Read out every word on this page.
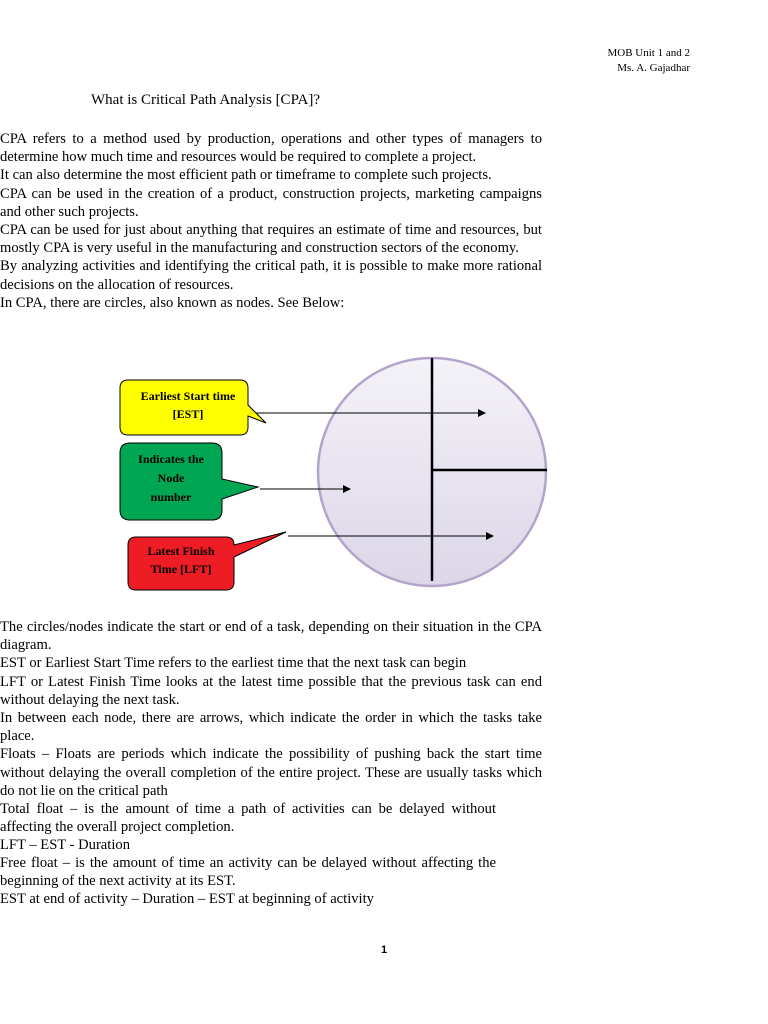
MOB Unit 1 and 2
Ms. A. Gajadhar
What is Critical Path Analysis [CPA]?
CPA refers to a method used by production, operations and other types of managers to determine how much time and resources would be required to complete a project.
It can also determine the most efficient path or timeframe to complete such projects.
CPA can be used in the creation of a product, construction projects, marketing campaigns and other such projects.
CPA can be used for just about anything that requires an estimate of time and resources, but mostly CPA is very useful in the manufacturing and construction sectors of the economy.
By analyzing activities and identifying the critical path, it is possible to make more rational decisions on the allocation of resources.
In CPA, there are circles, also known as nodes. See Below:
Earliest Start time
[EST]
Indicates the
Node
number
Latest Finish
Time [LFT]
The circles/nodes indicate the start or end of a task, depending on their situation in the CPA diagram.
EST or Earliest Start Time refers to the earliest time that the next task can begin
LFT or Latest Finish Time looks at the latest time possible that the previous task can end without delaying the next task.
In between each node, there are arrows, which indicate the order in which the tasks take place.
Floats – Floats are periods which indicate the possibility of pushing back the start time without delaying the overall completion of the entire project. These are usually tasks which do not lie on the critical path
Total float – is the amount of time a path of activities can be delayed without affecting the overall project completion.
LFT – EST - Duration
Free float – is the amount of time an activity can be delayed without affecting the beginning of the next activity at its EST.
EST at end of activity – Duration – EST at beginning of activity
1
